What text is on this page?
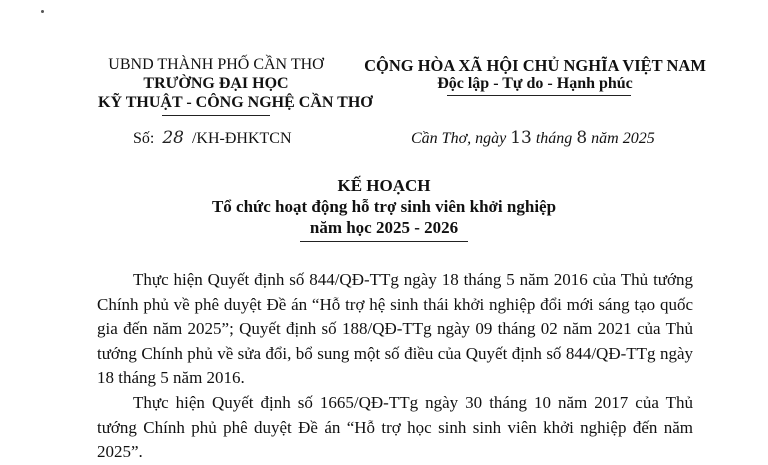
UBND THÀNH PHỐ CẦN THƠ
TRƯỜNG ĐẠI HỌC
KỸ THUẬT - CÔNG NGHỆ CẦN THƠ
CỘNG HÒA XÃ HỘI CHỦ NGHĨA VIỆT NAM
Độc lập - Tự do - Hạnh phúc
Số: 28 /KH-ĐHKTCN	Cần Thơ, ngày 13 tháng 8 năm 2025
KẾ HOẠCH
Tổ chức hoạt động hỗ trợ sinh viên khởi nghiệp
năm học 2025 - 2026
Thực hiện Quyết định số 844/QĐ-TTg ngày 18 tháng 5 năm 2016 của Thủ tướng Chính phủ về phê duyệt Đề án “Hỗ trợ hệ sinh thái khởi nghiệp đổi mới sáng tạo quốc gia đến năm 2025”; Quyết định số 188/QĐ-TTg ngày 09 tháng 02 năm 2021 của Thủ tướng Chính phủ về sửa đổi, bổ sung một số điều của Quyết định số 844/QĐ-TTg ngày 18 tháng 5 năm 2016.
Thực hiện Quyết định số 1665/QĐ-TTg ngày 30 tháng 10 năm 2017 của Thủ tướng Chính phủ phê duyệt Đề án “Hỗ trợ học sinh sinh viên khởi nghiệp đến năm 2025”.
